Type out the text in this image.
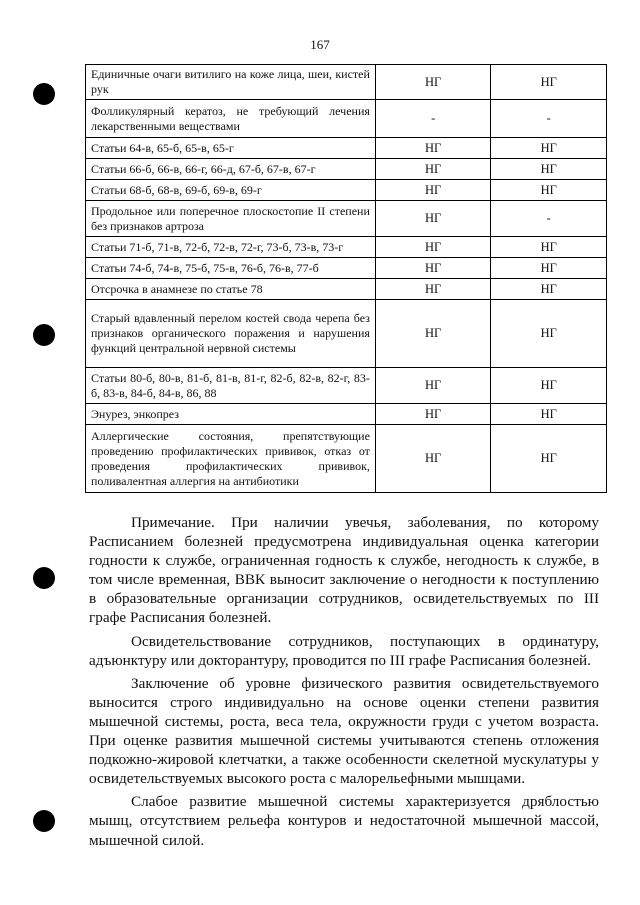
167
Единичные очаги витилиго на коже лица, шеи, кистей рук	НГ	НГ
Фолликулярный кератоз, не требующий лечения лекарственными веществами	-	-
Статьи 64-в, 65-б, 65-в, 65-г	НГ	НГ
Статьи 66-б, 66-в, 66-г, 66-д, 67-б, 67-в, 67-г	НГ	НГ
Статьи 68-б, 68-в, 69-б, 69-в, 69-г	НГ	НГ
Продольное или поперечное плоскостопие II степени без признаков артроза	НГ	-
Статьи 71-б, 71-в, 72-б, 72-в, 72-г, 73-б, 73-в, 73-г	НГ	НГ
Статьи 74-б, 74-в, 75-б, 75-в, 76-б, 76-в, 77-б	НГ	НГ
Отсрочка в анамнезе по статье 78	НГ	НГ
Старый вдавленный перелом костей свода черепа без признаков органического поражения и нарушения функций центральной нервной системы	НГ	НГ
Статьи 80-б, 80-в, 81-б, 81-в, 81-г, 82-б, 82-в, 82-г, 83-б, 83-в, 84-б, 84-в, 86, 88	НГ	НГ
Энурез, энкопрез	НГ	НГ
Аллергические состояния, препятствующие проведению профилактических прививок, отказ от проведения профилактических прививок, поливалентная аллергия на антибиотики	НГ	НГ

Примечание. При наличии увечья, заболевания, по которому Расписанием болезней предусмотрена индивидуальная оценка категории годности к службе, ограниченная годность к службе, негодность к службе, в том числе временная, ВВК выносит заключение о негодности к поступлению в образовательные организации сотрудников, освидетельствуемых по III графе Расписания болезней.

Освидетельствование сотрудников, поступающих в ординатуру, адъюнктуру или докторантуру, проводится по III графе Расписания болезней.

Заключение об уровне физического развития освидетельствуемого выносится строго индивидуально на основе оценки степени развития мышечной системы, роста, веса тела, окружности груди с учетом возраста. При оценке развития мышечной системы учитываются степень отложения подкожно-жировой клетчатки, а также особенности скелетной мускулатуры у освидетельствуемых высокого роста с малорельефными мышцами.

Слабое развитие мышечной системы характеризуется дряблостью мышц, отсутствием рельефа контуров и недостаточной мышечной массой, мышечной силой.
